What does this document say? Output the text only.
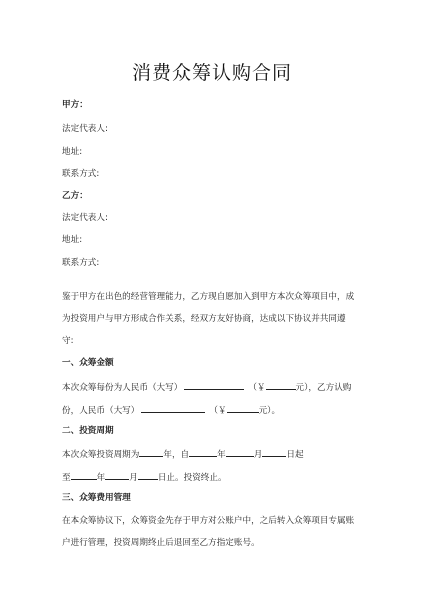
消费众筹认购合同
甲方：
法定代表人:
地址:
联系方式:
乙方：
法定代表人:
地址:
联系方式:
鉴于甲方在出色的经营管理能力，乙方现自愿加入到甲方本次众筹项目中，成
为投资用户与甲方形成合作关系，经双方友好协商，达成以下协议并共同遵
守:
一、众筹金额
本次众筹每份为人民币（大写）	（￥	元），乙方认购
份，人民币（大写）	（￥	元）。
二、投资周期
本次众筹投资周期为	年，自	年	月	日起
至	年	月 日止。投资终止。
三、众筹费用管理
在本众筹协议下，众筹资金先存于甲方对公账户中，之后转入众筹项目专属账
户进行管理，投资周期终止后退回至乙方指定账号。
